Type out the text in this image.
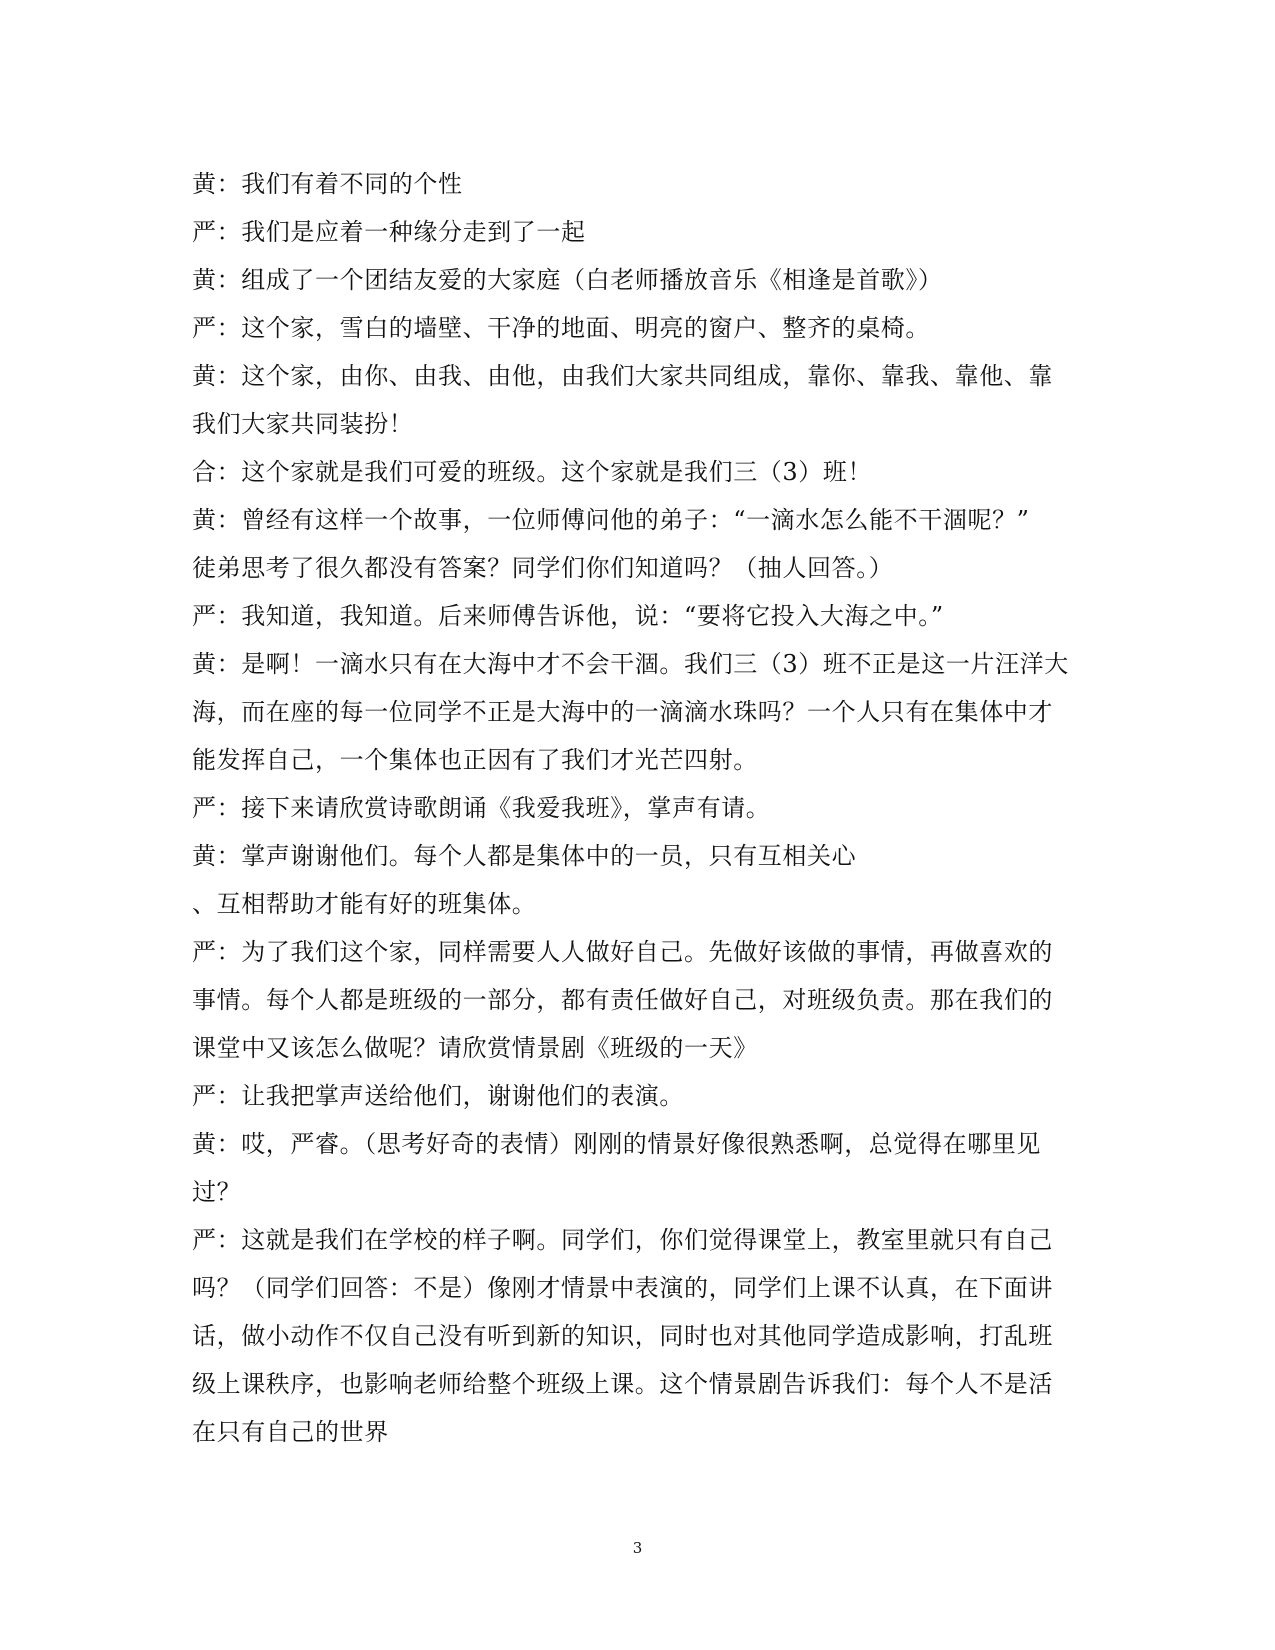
黄：我们有着不同的个性
严：我们是应着一种缘分走到了一起
黄：组成了一个团结友爱的大家庭（白老师播放音乐《相逢是首歌》）
严：这个家，雪白的墙壁、干净的地面、明亮的窗户、整齐的桌椅。
黄：这个家，由你、由我、由他，由我们大家共同组成，靠你、靠我、靠他、靠
我们大家共同装扮！
合：这个家就是我们可爱的班级。这个家就是我们三（3）班！
黄：曾经有这样一个故事，一位师傅问他的弟子：“一滴水怎么能不干涸呢？”
徒弟思考了很久都没有答案？同学们你们知道吗？（抽人回答。）
严：我知道，我知道。后来师傅告诉他，说：“要将它投入大海之中。”
黄：是啊！一滴水只有在大海中才不会干涸。我们三（3）班不正是这一片汪洋大
海，而在座的每一位同学不正是大海中的一滴滴水珠吗？一个人只有在集体中才
能发挥自己，一个集体也正因有了我们才光芒四射。
严：接下来请欣赏诗歌朗诵《我爱我班》，掌声有请。
黄：掌声谢谢他们。每个人都是集体中的一员，只有互相关心
、互相帮助才能有好的班集体。
严：为了我们这个家，同样需要人人做好自己。先做好该做的事情，再做喜欢的
事情。每个人都是班级的一部分，都有责任做好自己，对班级负责。那在我们的
课堂中又该怎么做呢？请欣赏情景剧《班级的一天》
严：让我把掌声送给他们，谢谢他们的表演。
黄：哎，严睿。（思考好奇的表情）刚刚的情景好像很熟悉啊，总觉得在哪里见
过？
严：这就是我们在学校的样子啊。同学们，你们觉得课堂上，教室里就只有自己
吗？（同学们回答：不是）像刚才情景中表演的，同学们上课不认真，在下面讲
话，做小动作不仅自己没有听到新的知识，同时也对其他同学造成影响，打乱班
级上课秩序，也影响老师给整个班级上课。这个情景剧告诉我们：每个人不是活
在只有自己的世界
3
